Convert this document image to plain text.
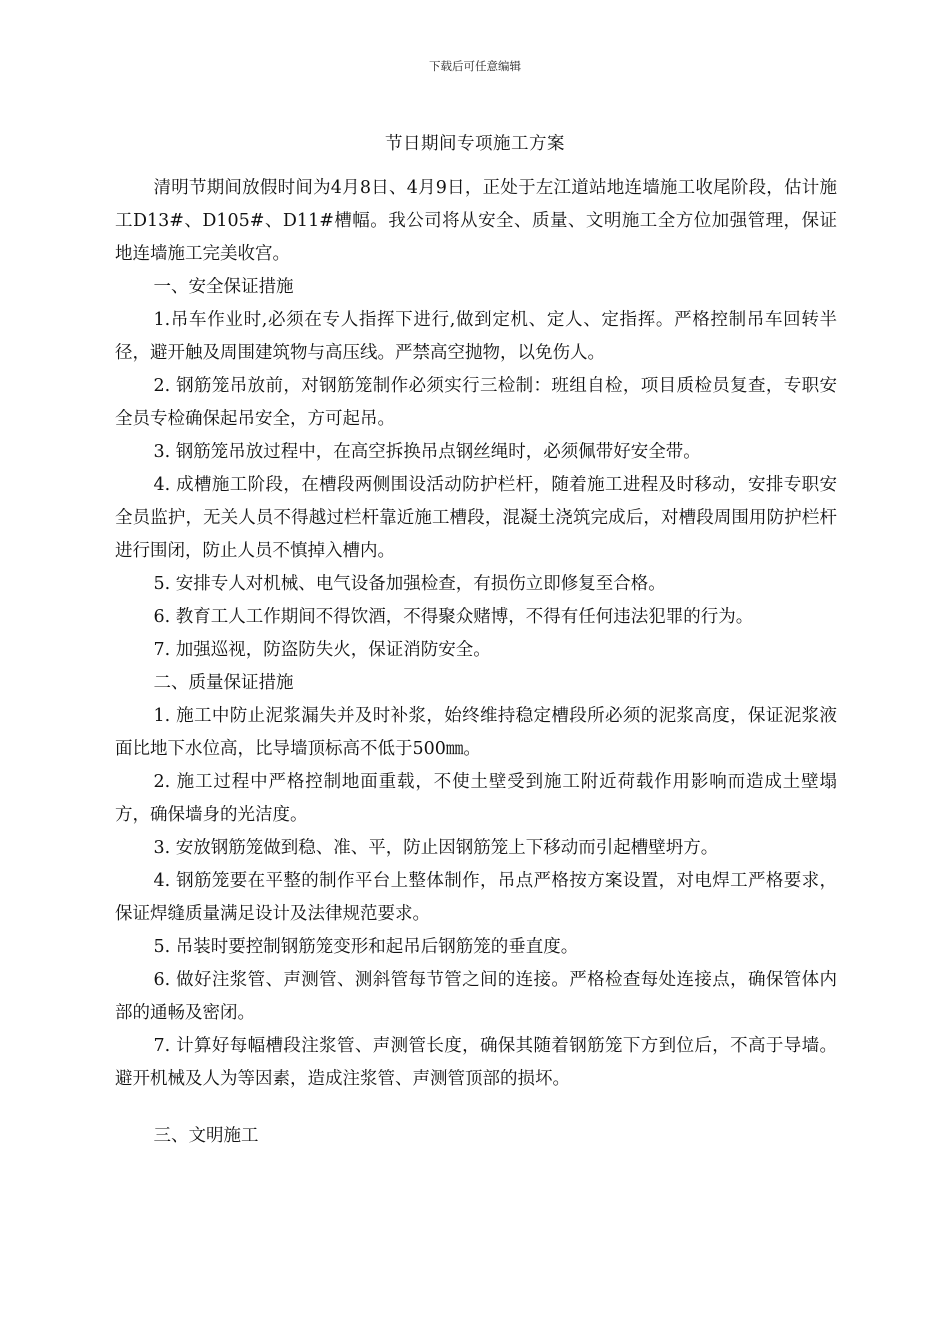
下载后可任意编辑
节日期间专项施工方案

清明节期间放假时间为4月8日、4月9日，正处于左江道站地连墙施工收尾阶段，估计施工D13#、D105#、D11#槽幅。我公司将从安全、质量、文明施工全方位加强管理，保证地连墙施工完美收宫。

一、安全保证措施

1.吊车作业时,必须在专人指挥下进行,做到定机、定人、定指挥。严格控制吊车回转半径，避开触及周围建筑物与高压线。严禁高空抛物，以免伤人。

2. 钢筋笼吊放前，对钢筋笼制作必须实行三检制：班组自检，项目质检员复查，专职安全员专检确保起吊安全，方可起吊。

3. 钢筋笼吊放过程中，在高空拆换吊点钢丝绳时，必须佩带好安全带。

4. 成槽施工阶段，在槽段两侧围设活动防护栏杆，随着施工进程及时移动，安排专职安全员监护，无关人员不得越过栏杆靠近施工槽段，混凝土浇筑完成后，对槽段周围用防护栏杆进行围闭，防止人员不慎掉入槽内。

5. 安排专人对机械、电气设备加强检查，有损伤立即修复至合格。

6. 教育工人工作期间不得饮酒，不得聚众赌博，不得有任何违法犯罪的行为。

7. 加强巡视，防盗防失火，保证消防安全。

二、质量保证措施

1. 施工中防止泥浆漏失并及时补浆，始终维持稳定槽段所必须的泥浆高度，保证泥浆液面比地下水位高，比导墙顶标高不低于500㎜。

2. 施工过程中严格控制地面重载，不使土壁受到施工附近荷载作用影响而造成土壁塌方，确保墙身的光洁度。

3. 安放钢筋笼做到稳、准、平，防止因钢筋笼上下移动而引起槽壁坍方。

4. 钢筋笼要在平整的制作平台上整体制作，吊点严格按方案设置，对电焊工严格要求，保证焊缝质量满足设计及法律规范要求。

5. 吊装时要控制钢筋笼变形和起吊后钢筋笼的垂直度。

6. 做好注浆管、声测管、测斜管每节管之间的连接。严格检查每处连接点，确保管体内部的通畅及密闭。

7. 计算好每幅槽段注浆管、声测管长度，确保其随着钢筋笼下方到位后，不高于导墙。避开机械及人为等因素，造成注浆管、声测管顶部的损坏。

三、文明施工
